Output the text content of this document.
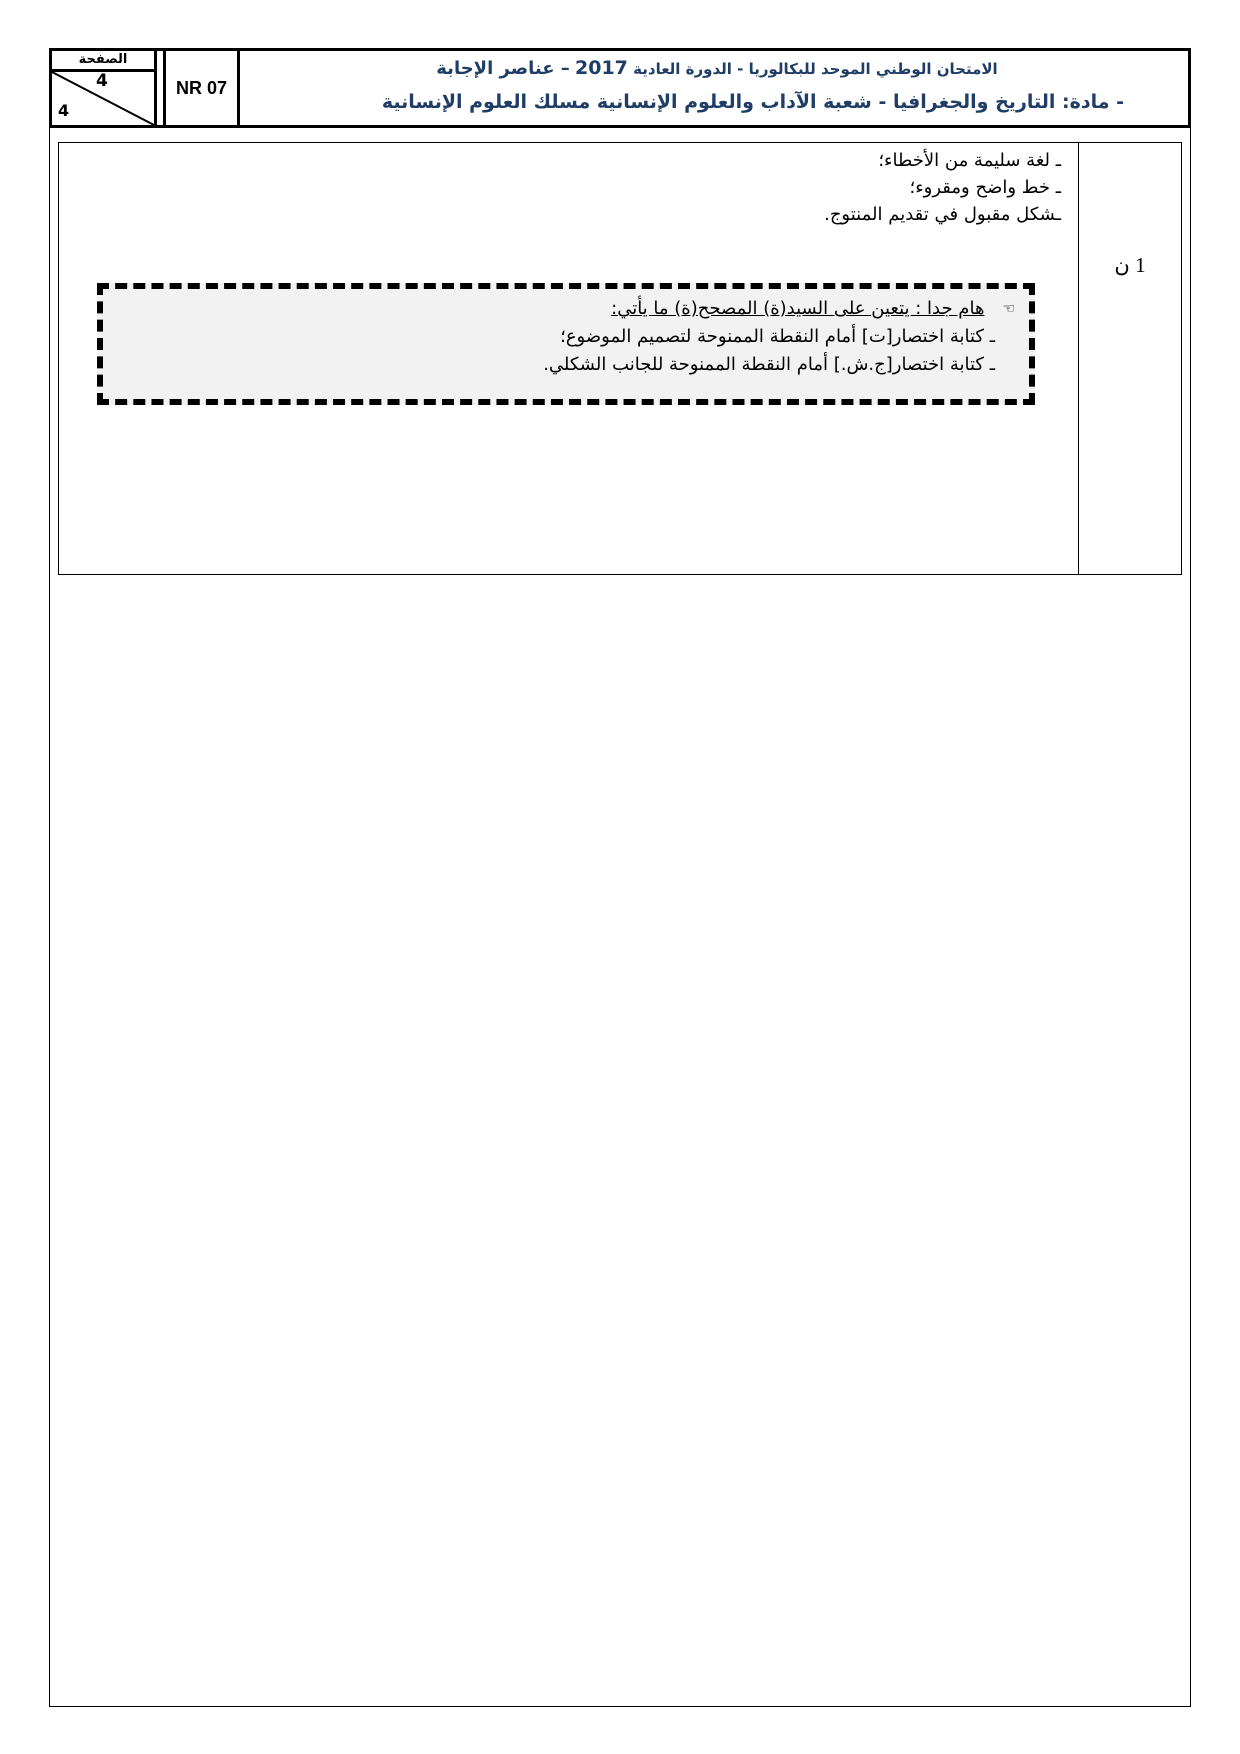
الصفحة
4
4
NR 07
الامتحان الوطني الموحد للبكالوريا - الدورة العادية 2017 – عناصر الإجابة
- مادة: التاريخ والجغرافيا - شعبة الآداب والعلوم الإنسانية مسلك العلوم الإنسانية
ـ لغة سليمة من الأخطاء؛
ـ خط واضح ومقروء؛
ـشكل مقبول في تقديم المنتوج.
1 ن
☜هام جدا : يتعين على السيد(ة) المصحح(ة) ما يأتي:
ـ كتابة اختصار[ت] أمام النقطة الممنوحة لتصميم الموضوع؛
ـ كتابة اختصار[ج.ش.] أمام النقطة الممنوحة للجانب الشكلي.
